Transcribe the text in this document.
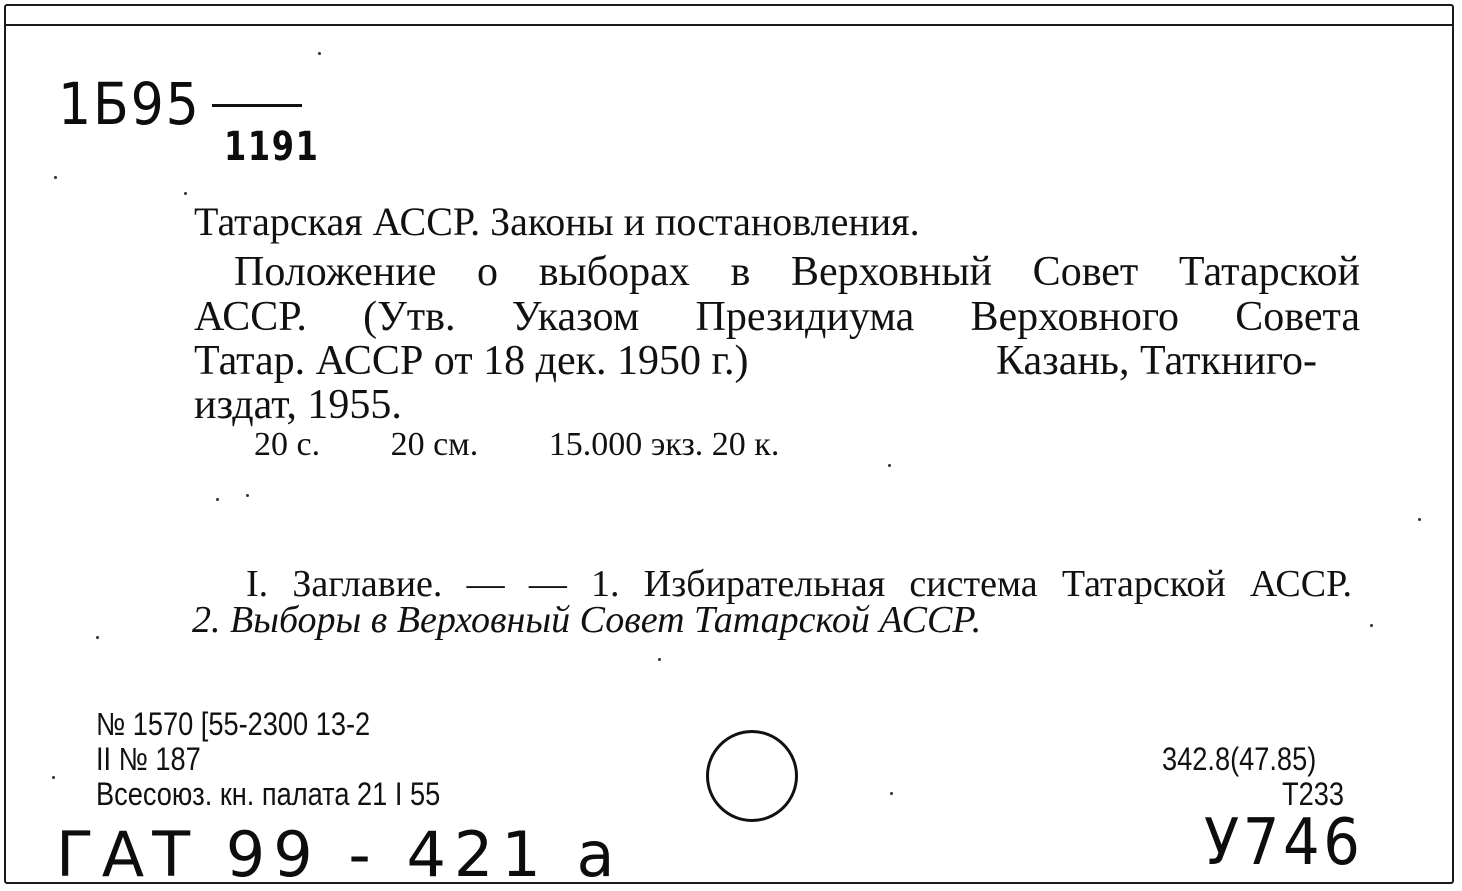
1Б95
1191
Татарская АССР. Законы и постановления.
Положение о выборах в Верховный Совет Татарской
АССР. (Утв. Указом Президиума Верховного Совета
Татар. АССР от 18 дек. 1950 г.)	Казань, Таткниго-
издат, 1955.
20 с. 20 см. 15.000 экз. 20 к.
I. Заглавие. — — 1. Избирательная система Татарской АССР.
2. Выборы в Верховный Совет Татарской АССР.
№ 1570 [55-2300 13-2
II № 187
Всесоюз. кн. палата 21 I 55
342.8(47.85)
Т233
ГАТ 99 - 421 а	У746
